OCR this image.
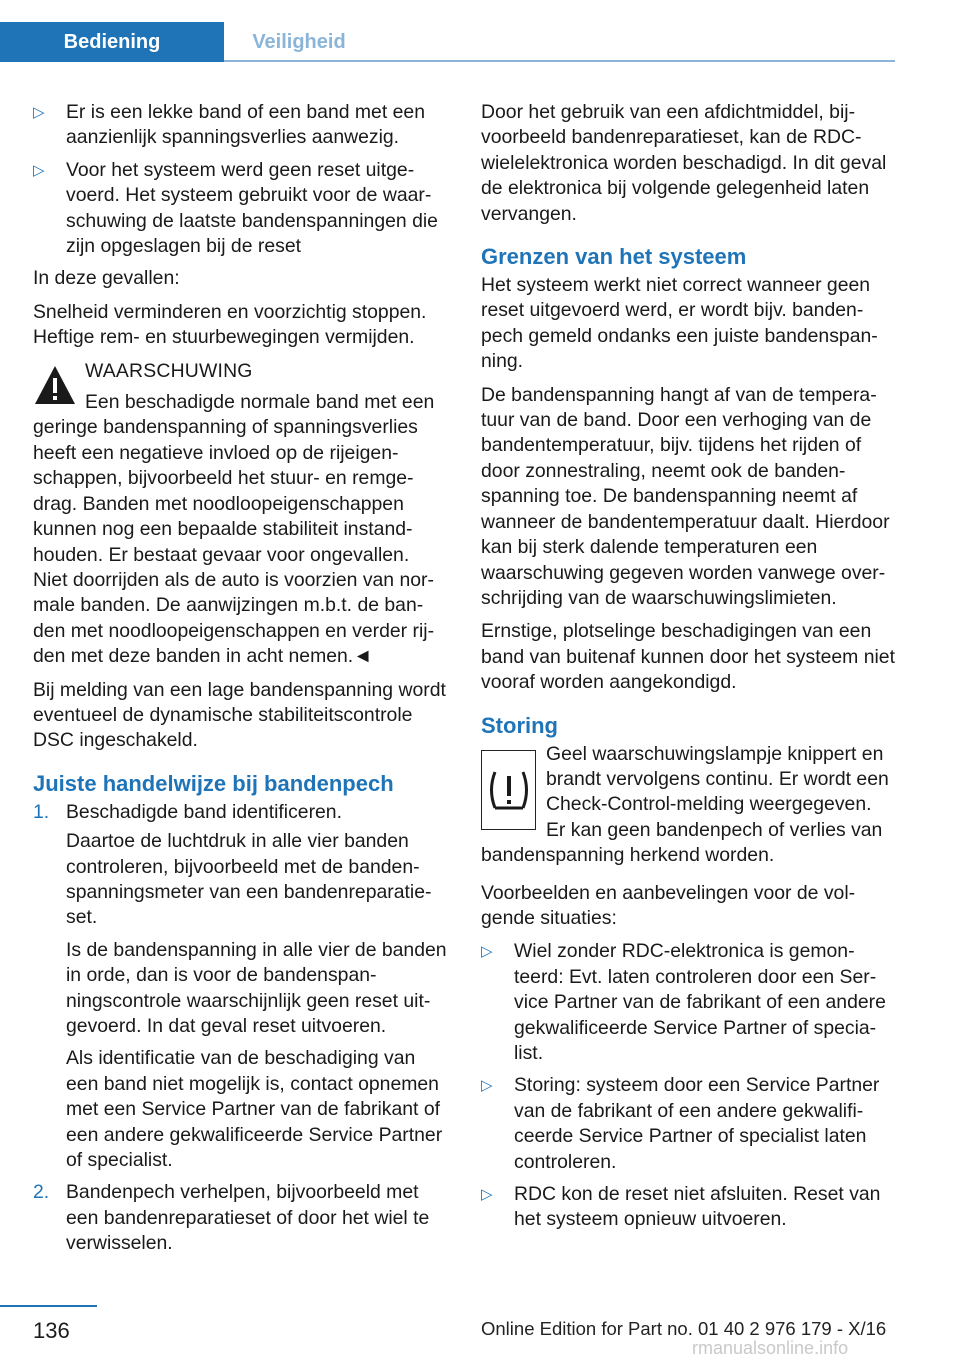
Bediening	Veiligheid
▷ Er is een lekke band of een band met een aanzienlijk spanningsverlies aanwezig.
▷ Voor het systeem werd geen reset uitgevoerd. Het systeem gebruikt voor de waarschuwing de laatste bandenspanningen die zijn opgeslagen bij de reset

In deze gevallen:

Snelheid verminderen en voorzichtig stoppen. Heftige rem- en stuurbewegingen vermijden.

WAARSCHUWING

Een beschadigde normale band met een geringe bandenspanning of spanningsverlies heeft een negatieve invloed op de rijeigenschappen, bijvoorbeeld het stuur- en remgedrag. Banden met noodloopeigenschappen kunnen nog een bepaalde stabiliteit instandhouden. Er bestaat gevaar voor ongevallen. Niet doorrijden als de auto is voorzien van normale banden. De aanwijzingen m.b.t. de banden met noodloopeigenschappen en verder rijden met deze banden in acht nemen.◄

Bij melding van een lage bandenspanning wordt eventueel de dynamische stabiliteitscontrole DSC ingeschakeld.

Juiste handelwijze bij bandenpech
1. Beschadigde band identificeren.

Daartoe de luchtdruk in alle vier banden controleren, bijvoorbeeld met de bandenspanningsmeter van een bandenreparatieset.

Is de bandenspanning in alle vier de banden in orde, dan is voor de bandenspanningscontrole waarschijnlijk geen reset uitgevoerd. In dat geval reset uitvoeren.

Als identificatie van de beschadiging van een band niet mogelijk is, contact opnemen met een Service Partner van de fabrikant of een andere gekwalificeerde Service Partner of specialist.

2. Bandenpech verhelpen, bijvoorbeeld met een bandenreparatieset of door het wiel te verwisselen.

Door het gebruik van een afdichtmiddel, bijvoorbeeld bandenreparatieset, kan de RDC-wielelektronica worden beschadigd. In dit geval de elektronica bij volgende gelegenheid laten vervangen.

Grenzen van het systeem

Het systeem werkt niet correct wanneer geen reset uitgevoerd werd, er wordt bijv. bandenpech gemeld ondanks een juiste bandenspanning.

De bandenspanning hangt af van de temperatuur van de band. Door een verhoging van de bandentemperatuur, bijv. tijdens het rijden of door zonnestraling, neemt ook de bandenspanning toe. De bandenspanning neemt af wanneer de bandentemperatuur daalt. Hierdoor kan bij sterk dalende temperaturen een waarschuwing gegeven worden vanwege overschrijding van de waarschuwingslimieten.

Ernstige, plotselinge beschadigingen van een band van buitenaf kunnen door het systeem niet vooraf worden aangekondigd.

Storing

Geel waarschuwingslampje knippert en brandt vervolgens continu. Er wordt een Check-Control-melding weergegeven. Er kan geen bandenpech of verlies van bandenspanning herkend worden.

Voorbeelden en aanbevelingen voor de volgende situaties:

▷ Wiel zonder RDC-elektronica is gemonteerd: Evt. laten controleren door een Service Partner van de fabrikant of een andere gekwalificeerde Service Partner of specialist.
▷ Storing: systeem door een Service Partner van de fabrikant of een andere gekwalificeerde Service Partner of specialist laten controleren.
▷ RDC kon de reset niet afsluiten. Reset van het systeem opnieuw uitvoeren.
136	Online Edition for Part no. 01 40 2 976 179 - X/16
rmanualsonline.info
